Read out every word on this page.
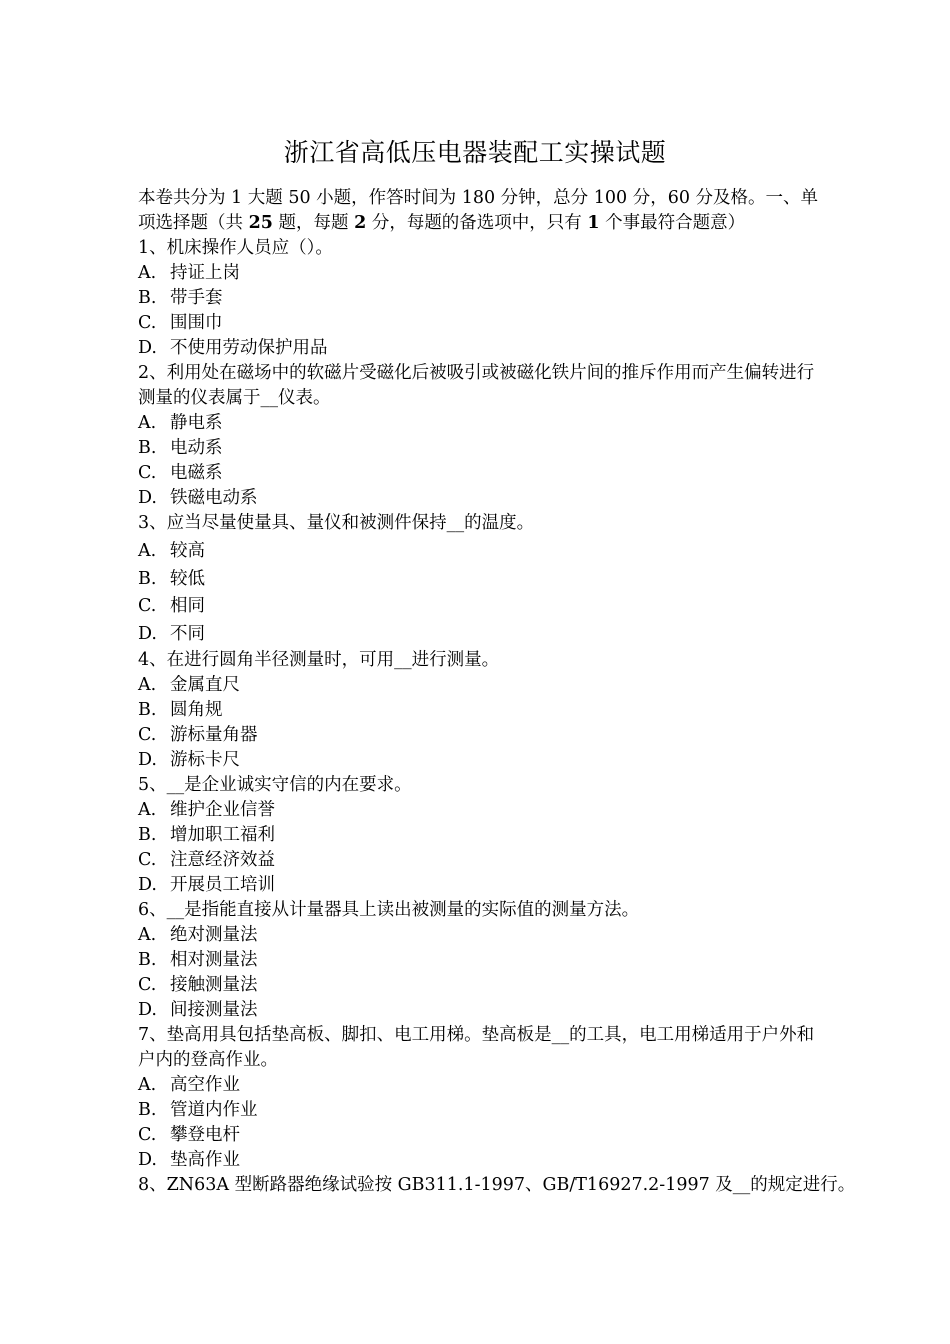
浙江省高低压电器装配工实操试题

本卷共分为 1 大题 50 小题，作答时间为 180 分钟，总分 100 分，60 分及格。一、单项选择题（共 25 题，每题 2 分，每题的备选项中，只有 1 个事最符合题意）

1、机床操作人员应（）。

A. 持证上岗
B. 带手套
C. 围围巾
D. 不使用劳动保护用品

2、利用处在磁场中的软磁片受磁化后被吸引或被磁化铁片间的推斥作用而产生偏转进行测量的仪表属于__仪表。

A. 静电系
B. 电动系
C. 电磁系
D. 铁磁电动系

3、应当尽量使量具、量仪和被测件保持__的温度。

A. 较高
B. 较低
C. 相同
D. 不同

4、在进行圆角半径测量时，可用__进行测量。

A. 金属直尺
B. 圆角规
C. 游标量角器
D. 游标卡尺

5、__是企业诚实守信的内在要求。

A. 维护企业信誉
B. 增加职工福利
C. 注意经济效益
D. 开展员工培训

6、__是指能直接从计量器具上读出被测量的实际值的测量方法。

A. 绝对测量法
B. 相对测量法
C. 接触测量法
D. 间接测量法

7、垫高用具包括垫高板、脚扣、电工用梯。垫高板是__的工具，电工用梯适用于户外和户内的登高作业。

A. 高空作业
B. 管道内作业
C. 攀登电杆
D. 垫高作业

8、ZN63A 型断路器绝缘试验按 GB311.1-1997、GB/T16927.2-1997 及__的规定进行。
